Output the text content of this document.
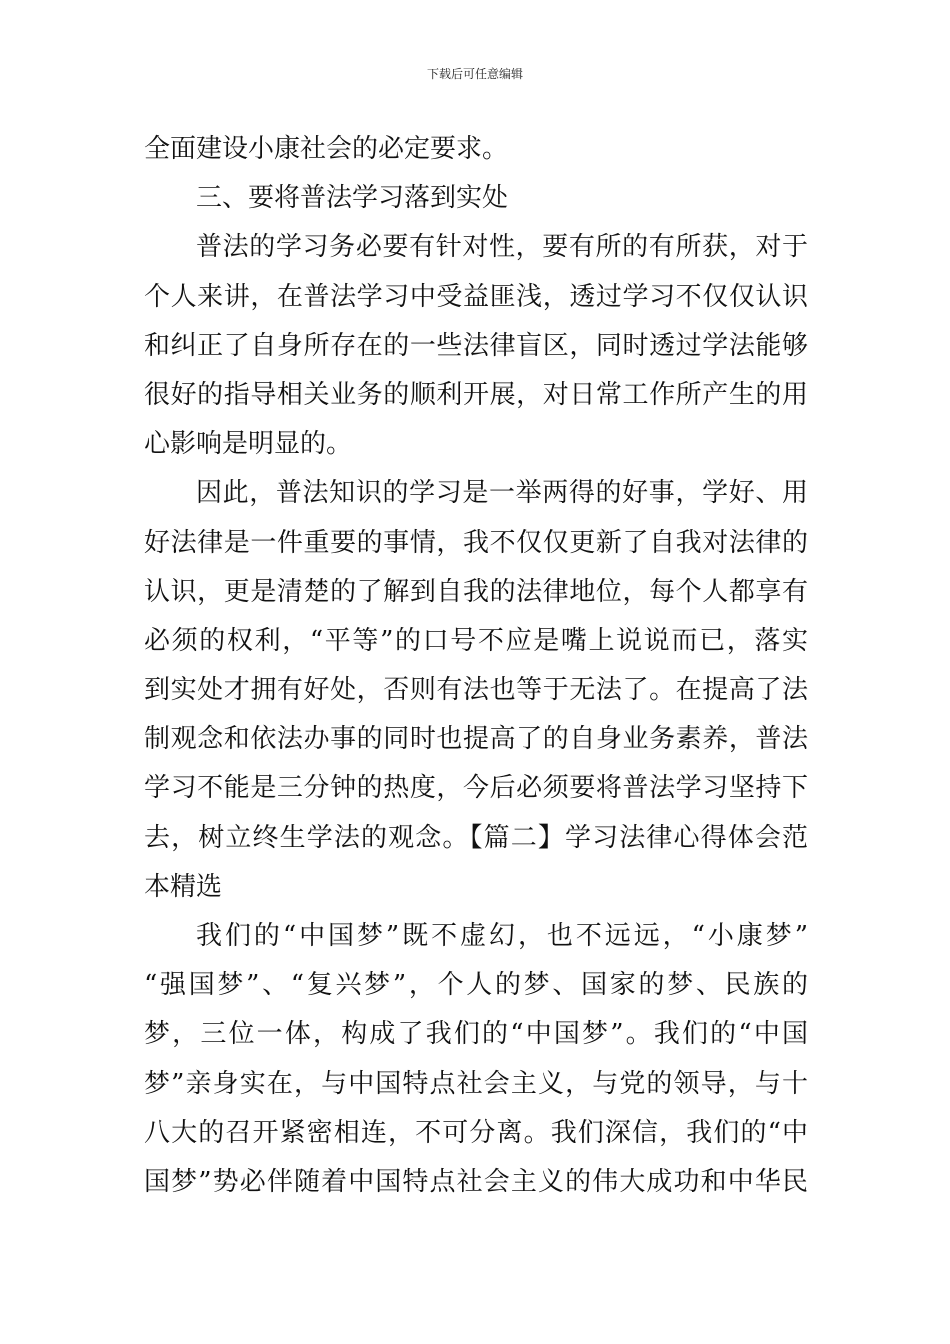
下载后可任意编辑
全面建设小康社会的必定要求。
三、要将普法学习落到实处
普法的学习务必要有针对性，要有所的有所获，对于
个人来讲，在普法学习中受益匪浅，透过学习不仅仅认识
和纠正了自身所存在的一些法律盲区，同时透过学法能够
很好的指导相关业务的顺利开展，对日常工作所产生的用
心影响是明显的。
因此，普法知识的学习是一举两得的好事，学好、用
好法律是一件重要的事情，我不仅仅更新了自我对法律的
认识，更是清楚的了解到自我的法律地位，每个人都享有
必须的权利，“平等”的口号不应是嘴上说说而已，落实
到实处才拥有好处，否则有法也等于无法了。在提高了法
制观念和依法办事的同时也提高了的自身业务素养，普法
学习不能是三分钟的热度，今后必须要将普法学习坚持下
去，树立终生学法的观念。【篇二】学习法律心得体会范
本精选
我们的“中国梦”既不虚幻，也不远远，“小康梦”
“强国梦”、“复兴梦”，个人的梦、国家的梦、民族的
梦，三位一体，构成了我们的“中国梦”。我们的“中国
梦”亲身实在，与中国特点社会主义，与党的领导，与十
八大的召开紧密相连，不可分离。我们深信，我们的“中
国梦”势必伴随着中国特点社会主义的伟大成功和中华民
